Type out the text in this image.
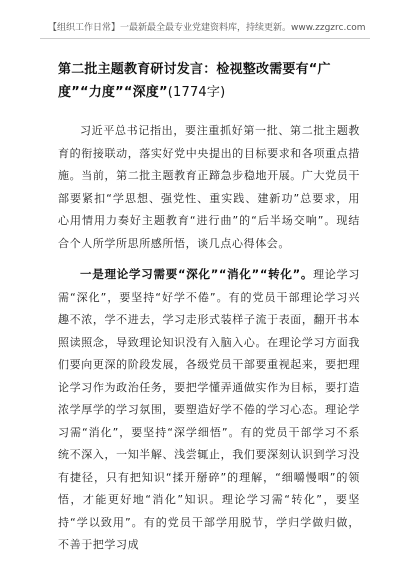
【组织工作日常】一最新最全最专业党建资料库，持续更新。www.zzgzrc.com
第二批主题教育研讨发言：检视整改需要有“广度”“力度”“深度”(1774字)

习近平总书记指出，要注重抓好第一批、第二批主题教育的衔接联动，落实好党中央提出的目标要求和各项重点措施。当前，第二批主题教育正蹄急步稳地开展。广大党员干部要紧扣“学思想、强党性、重实践、建新功”总要求，用心用情用力奏好主题教育“进行曲”的“后半场交响”。现结合个人所学所思所感所悟，谈几点心得体会。

一是理论学习需要“深化”“消化”“转化”。理论学习需“深化”，要坚持“好学不倦”。有的党员干部理论学习兴趣不浓，学不进去，学习走形式装样子流于表面，翻开书本照读照念，导致理论知识没有入脑入心。在理论学习方面我们要向更深的阶段发展，各级党员干部要重视起来，要把理论学习作为政治任务，要把学懂弄通做实作为目标，要打造浓学厚学的学习氛围，要塑造好学不倦的学习心态。理论学习需“消化”，要坚持“深学细悟”。有的党员干部学习不系统不深入，一知半解、浅尝辄止，我们要深刻认识到学习没有捷径，只有把知识“揉开掰碎”的理解，“细嚼慢咽”的领悟，才能更好地“消化”知识。理论学习需“转化”，要坚持“学以致用”。有的党员干部学用脱节，学归学做归做，不善于把学习成
